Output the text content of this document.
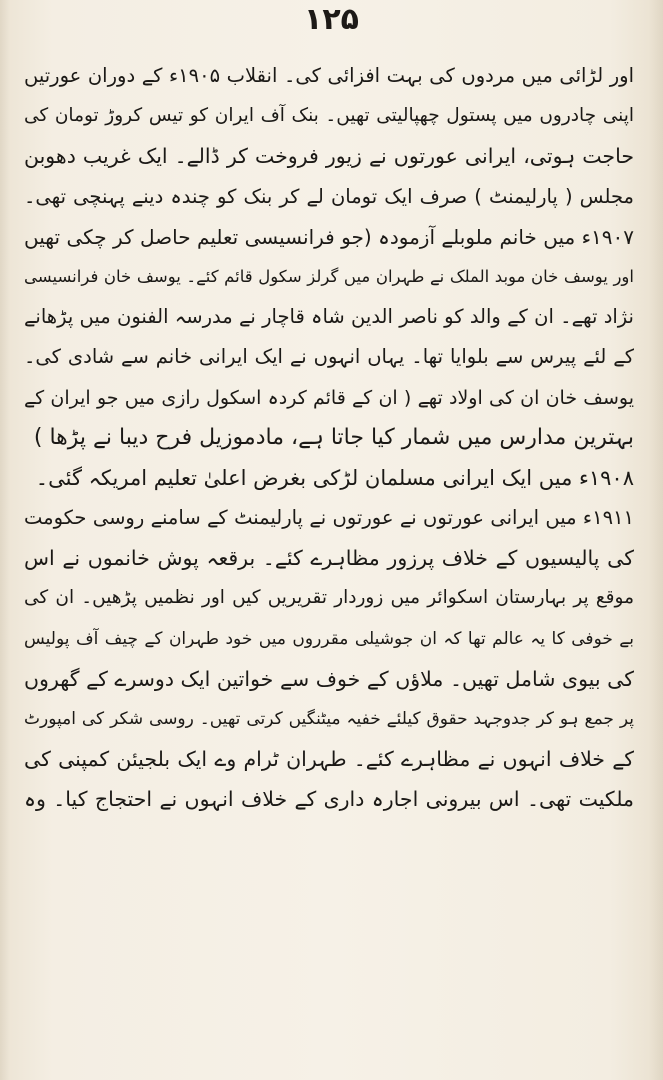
۱۲۵
اور لڑائی میں مردوں کی بہت افزائی کی۔ انقلاب ۱۹۰۵ء کے دوران عورتیں
اپنی چادروں میں پستول چھپالیتی تھیں۔ بنک آف ایران کو تیس کروڑ تومان کی
حاجت ہوتی، ایرانی عورتوں نے زیور فروخت کر ڈالے۔ ایک غریب دھوبن
مجلس ( پارلیمنٹ ) صرف ایک تومان لے کر بنک کو چندہ دینے پہنچی تھی۔
۱۹۰۷ء میں خانم ملوبلے آزمودہ (جو فرانسیسی تعلیم حاصل کر چکی تھیں
اور یوسف خان موبد الملک نے طہران میں گرلز سکول قائم کئے۔ یوسف خان فرانسیسی
نژاد تھے۔ ان کے والد کو ناصر الدین شاہ قاچار نے مدرسہ الفنون میں پڑھانے
کے لئے پیرس سے بلوایا تھا۔ یہاں انہوں نے ایک ایرانی خانم سے شادی کی۔
یوسف خان ان کی اولاد تھے ( ان کے قائم کردہ اسکول رازی میں جو ایران کے
بہترین مدارس میں شمار کیا جاتا ہے، مادموزیل فرح دیبا نے پڑھا )
۱۹۰۸ء میں ایک ایرانی مسلمان لڑکی بغرض اعلیٰ تعلیم امریکہ گئی۔
۱۹۱۱ء میں ایرانی عورتوں نے عورتوں نے پارلیمنٹ کے سامنے روسی حکومت
کی پالیسیوں کے خلاف پرزور مظاہرے کئے۔ برقعہ پوش خانموں نے اس
موقع پر بہارستان اسکوائر میں زوردار تقریریں کیں اور نظمیں پڑھیں۔ ان کی
بے خوفی کا یہ عالم تھا کہ ان جوشیلی مقرروں میں خود طہران کے چیف آف پولیس
کی بیوی شامل تھیں۔ ملاؤں کے خوف سے خواتین ایک دوسرے کے گھروں
پر جمع ہو کر جدوجہد حقوق کیلئے خفیہ میٹنگیں کرتی تھیں۔ روسی شکر کی امپورٹ
کے خلاف انہوں نے مظاہرے کئے۔ طہران ٹرام وے ایک بلجیئن کمپنی کی
ملکیت تھی۔ اس بیرونی اجارہ داری کے خلاف انہوں نے احتجاج کیا۔ وہ
